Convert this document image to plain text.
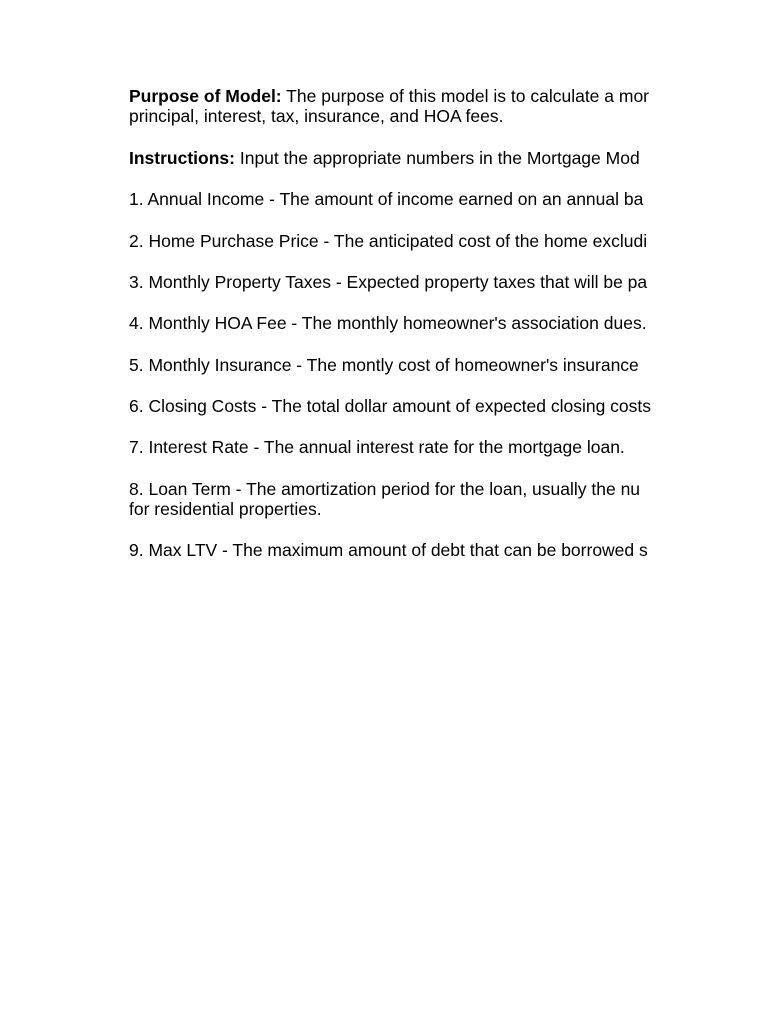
Purpose of Model: The purpose of this model is to calculate a mor
principal, interest, tax, insurance, and HOA fees.
Instructions: Input the appropriate numbers in the Mortgage Mod
1. Annual Income - The amount of income earned on an annual ba
2. Home Purchase Price - The anticipated cost of the home excludi
3. Monthly Property Taxes - Expected property taxes that will be pa
4. Monthly HOA Fee - The monthly homeowner's association dues.
5. Monthly Insurance - The montly cost of homeowner's insurance
6. Closing Costs - The total dollar amount of expected closing costs
7. Interest Rate - The annual interest rate for the mortgage loan.
8. Loan Term - The amortization period for the loan, usually the nu
for residential properties.
9. Max LTV - The maximum amount of debt that can be borrowed s
